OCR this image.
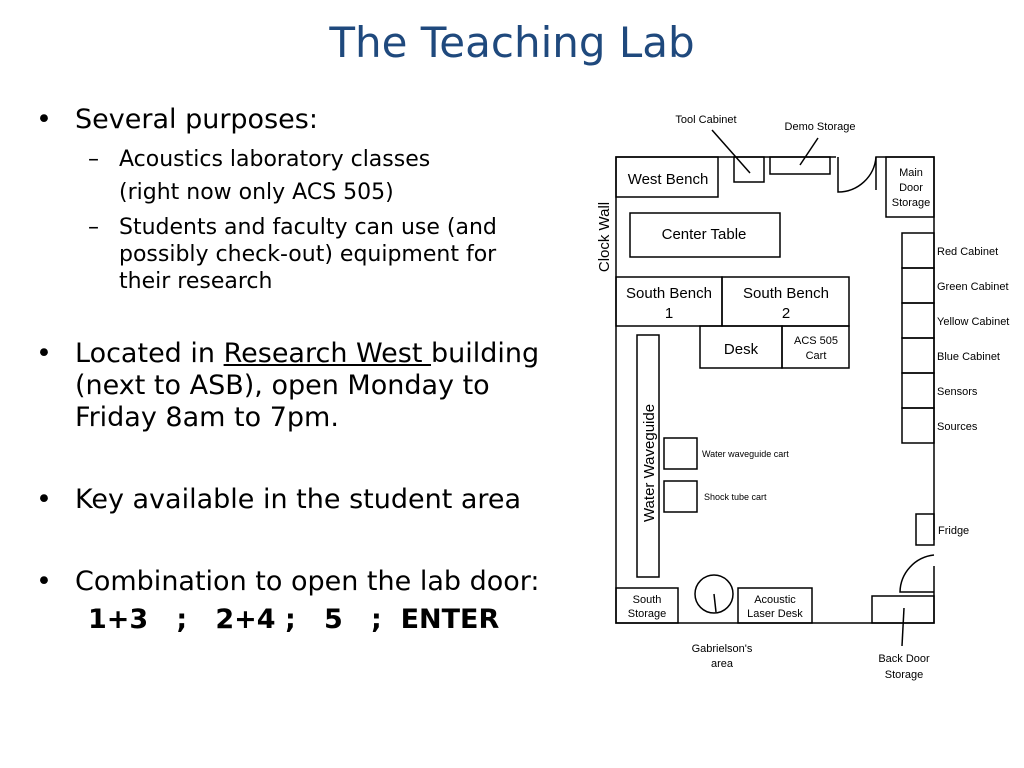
The Teaching Lab
• Several purposes:
– Acoustics laboratory classes
(right now only ACS 505)
– Students and faculty can use (and
possibly check-out) equipment for
their research
• Located in Research West building
(next to ASB), open Monday to
Friday 8am to 7pm.
• Key available in the student area
• Combination to open the lab door:
1+3   ;   2+4 ;   5   ;  ENTER
Tool Cabinet
Demo Storage
Main
Door
Storage
Red Cabinet
Green Cabinet
Yellow Cabinet
Blue Cabinet
Sensors
Sources
Fridge
ACS 505
Cart
South
Storage
Acoustic
Laser Desk
Gabrielson's
area	Back Door
Storage
Water waveguide cart
Shock tube cart
West Bench
Center Table
South Bench
1
South Bench
2
Desk
Clock Wall
Water Waveguide
